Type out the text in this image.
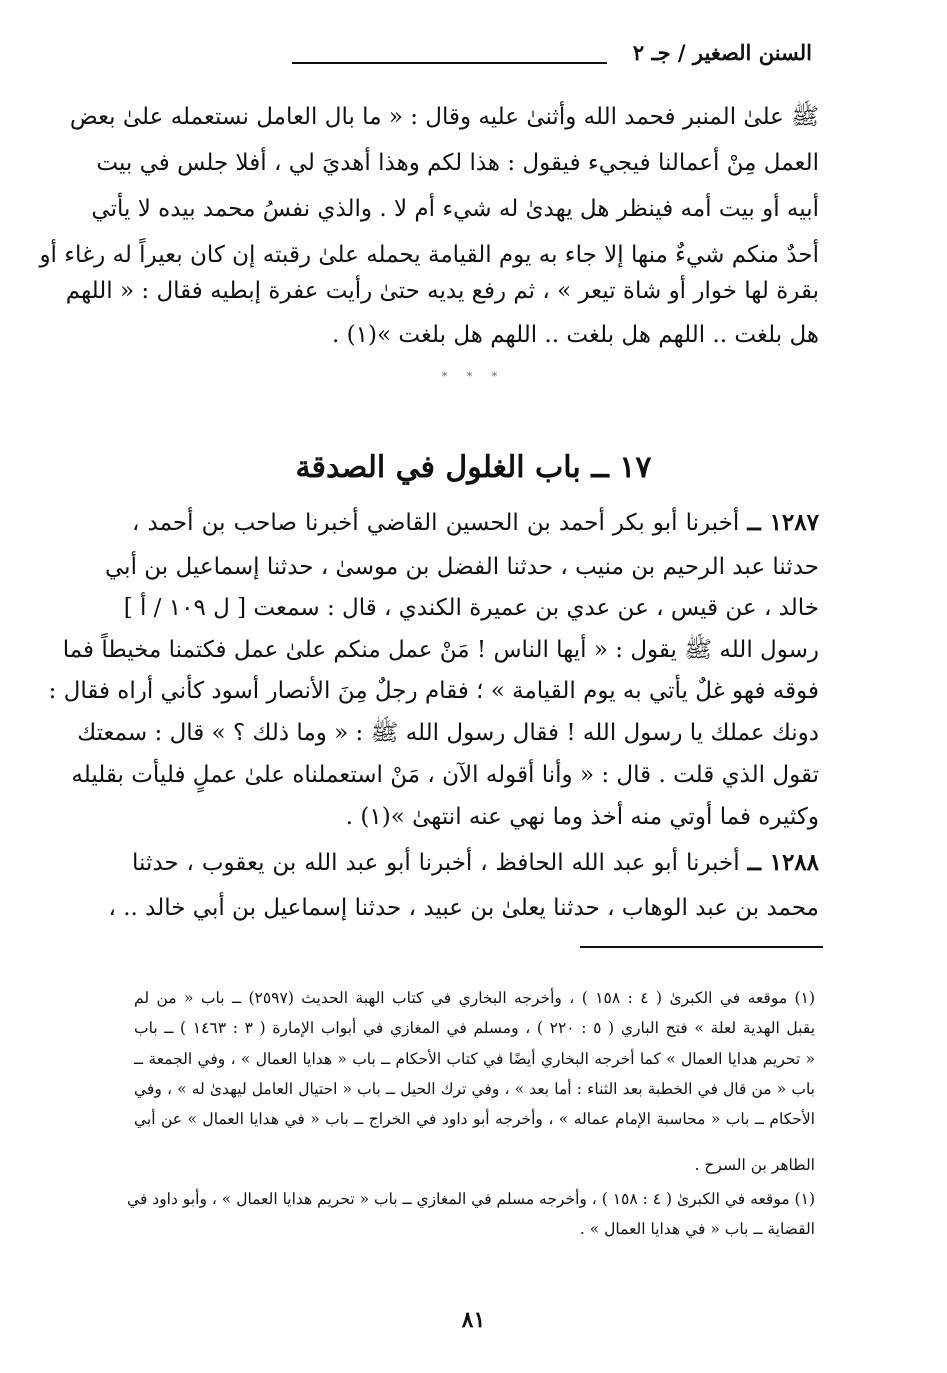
السنن الصغير / جـ ٢
ﷺ علىٰ المنبر فحمد الله وأثنىٰ عليه وقال : « ما بال العامل نستعمله علىٰ بعض
العمل مِنْ أعمالنا فيجيء فيقول : هذا لكم وهذا أهديَ لي ، أفلا جلس في بيت
أبيه أو بيت أمه فينظر هل يهدىٰ له شيء أم لا . والذي نفسُ محمد بيده لا يأتي
أحدٌ منكم شيءٌ منها إلا جاء به يوم القيامة يحمله علىٰ رقبته إن كان بعيراً له رغاء أو
بقرة لها خوار أو شاة تيعر » ، ثم رفع يديه حتىٰ رأيت عفرة إبطيه فقال : « اللهم
هل بلغت .. اللهم هل بلغت .. اللهم هل بلغت »(١) .
* * *
١٧ ــ باب الغلول في الصدقة
١٢٨٧ ــ أخبرنا أبو بكر أحمد بن الحسين القاضي أخبرنا صاحب بن أحمد ،
حدثنا عبد الرحيم بن منيب ، حدثنا الفضل بن موسىٰ ، حدثنا إسماعيل بن أبي
خالد ، عن قيس ، عن عدي بن عميرة الكندي ، قال : سمعت [ ل ١٠٩ / أ ]
رسول الله ﷺ يقول : « أيها الناس ! مَنْ عمل منكم علىٰ عمل فكتمنا مخيطاً فما
فوقه فهو غلٌ يأتي به يوم القيامة » ؛ فقام رجلٌ مِنَ الأنصار أسود كأني أراه فقال :
دونك عملك يا رسول الله ! فقال رسول الله ﷺ : « وما ذلك ؟ » قال : سمعتك
تقول الذي قلت . قال : « وأنا أقوله الآن ، مَنْ استعملناه علىٰ عملٍ فليأت بقليله
وكثيره فما أوتي منه أخذ وما نهي عنه انتهىٰ »(١) .
١٢٨٨ ــ أخبرنا أبو عبد الله الحافظ ، أخبرنا أبو عبد الله بن يعقوب ، حدثنا
محمد بن عبد الوهاب ، حدثنا يعلىٰ بن عبيد ، حدثنا إسماعيل بن أبي خالد .. ،
(١) موقعه في الكبرىٰ ( ٤ : ١٥٨ ) ، وأخرجه البخاري في كتاب الهبة الحديث (٢٥٩٧) ــ باب « من لم
يقبل الهدية لعلة » فتح الباري ( ٥ : ٢٢٠ ) ، ومسلم في المغازي في أبواب الإمارة ( ٣ : ١٤٦٣ ) ــ باب
« تحريم هدايا العمال » كما أخرجه البخاري أيضًا في كتاب الأحكام ــ باب « هدايا العمال » ، وفي الجمعة ــ
باب « من قال في الخطبة بعد الثناء : أما بعد » ، وفي ترك الحيل ــ باب « احتيال العامل ليهدىٰ له » ، وفي
الأحكام ــ باب « محاسبة الإمام عماله » ، وأخرجه أبو داود في الخراج ــ باب « في هدايا العمال » عن أبي
الطاهر بن السرح .
(١) موقعه في الكبرىٰ ( ٤ : ١٥٨ ) ، وأخرجه مسلم في المغازي ــ باب « تحريم هدايا العمال » ، وأبو داود في
القضاية ــ باب « في هدايا العمال » .
٨١
